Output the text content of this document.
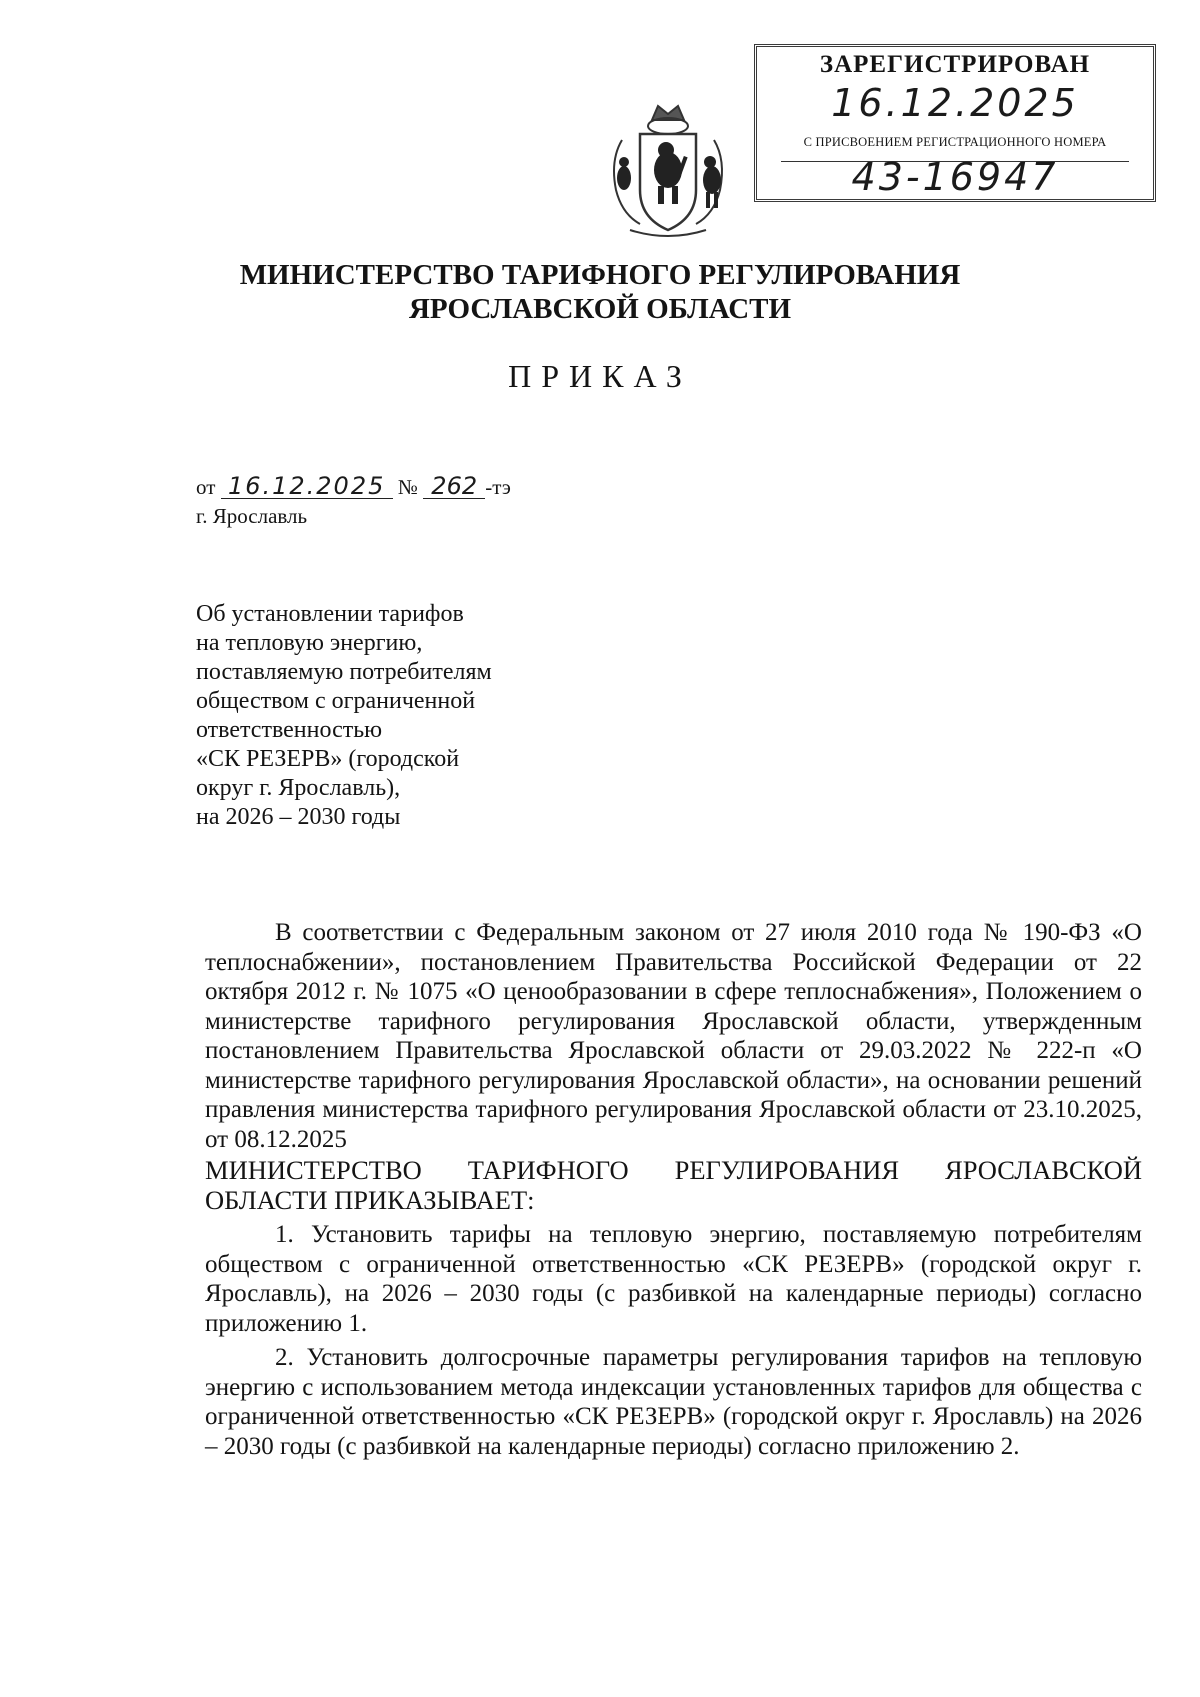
ЗАРЕГИСТРИРОВАН
16.12.2025
С ПРИСВОЕНИЕМ РЕГИСТРАЦИОННОГО НОМЕРА
43-16947
МИНИСТЕРСТВО ТАРИФНОГО РЕГУЛИРОВАНИЯ
ЯРОСЛАВСКОЙ ОБЛАСТИ
ПРИКАЗ
от 16.12.2025 № 262 -тэ
г. Ярославль
Об установлении тарифов
на тепловую энергию,
поставляемую потребителям
обществом с ограниченной
ответственностью
«СК РЕЗЕРВ» (городской
округ г. Ярославль),
на 2026 – 2030 годы

В соответствии с Федеральным законом от 27 июля 2010 года № 190-ФЗ «О теплоснабжении», постановлением Правительства Российской Федерации от 22 октября 2012 г. № 1075 «О ценообразовании в сфере теплоснабжения», Положением о министерстве тарифного регулирования Ярославской области, утвержденным постановлением Правительства Ярославской области от 29.03.2022 № 222-п «О министерстве тарифного регулирования Ярославской области», на основании решений правления министерства тарифного регулирования Ярославской области от 23.10.2025, от 08.12.2025

МИНИСТЕРСТВО ТАРИФНОГО РЕГУЛИРОВАНИЯ ЯРОСЛАВСКОЙ ОБЛАСТИ ПРИКАЗЫВАЕТ:

1. Установить тарифы на тепловую энергию, поставляемую потребителям обществом с ограниченной ответственностью «СК РЕЗЕРВ» (городской округ г. Ярославль), на 2026 – 2030 годы (с разбивкой на календарные периоды) согласно приложению 1.

2. Установить долгосрочные параметры регулирования тарифов на тепловую энергию с использованием метода индексации установленных тарифов для общества с ограниченной ответственностью «СК РЕЗЕРВ» (городской округ г. Ярославль) на 2026 – 2030 годы (с разбивкой на календарные периоды) согласно приложению 2.
